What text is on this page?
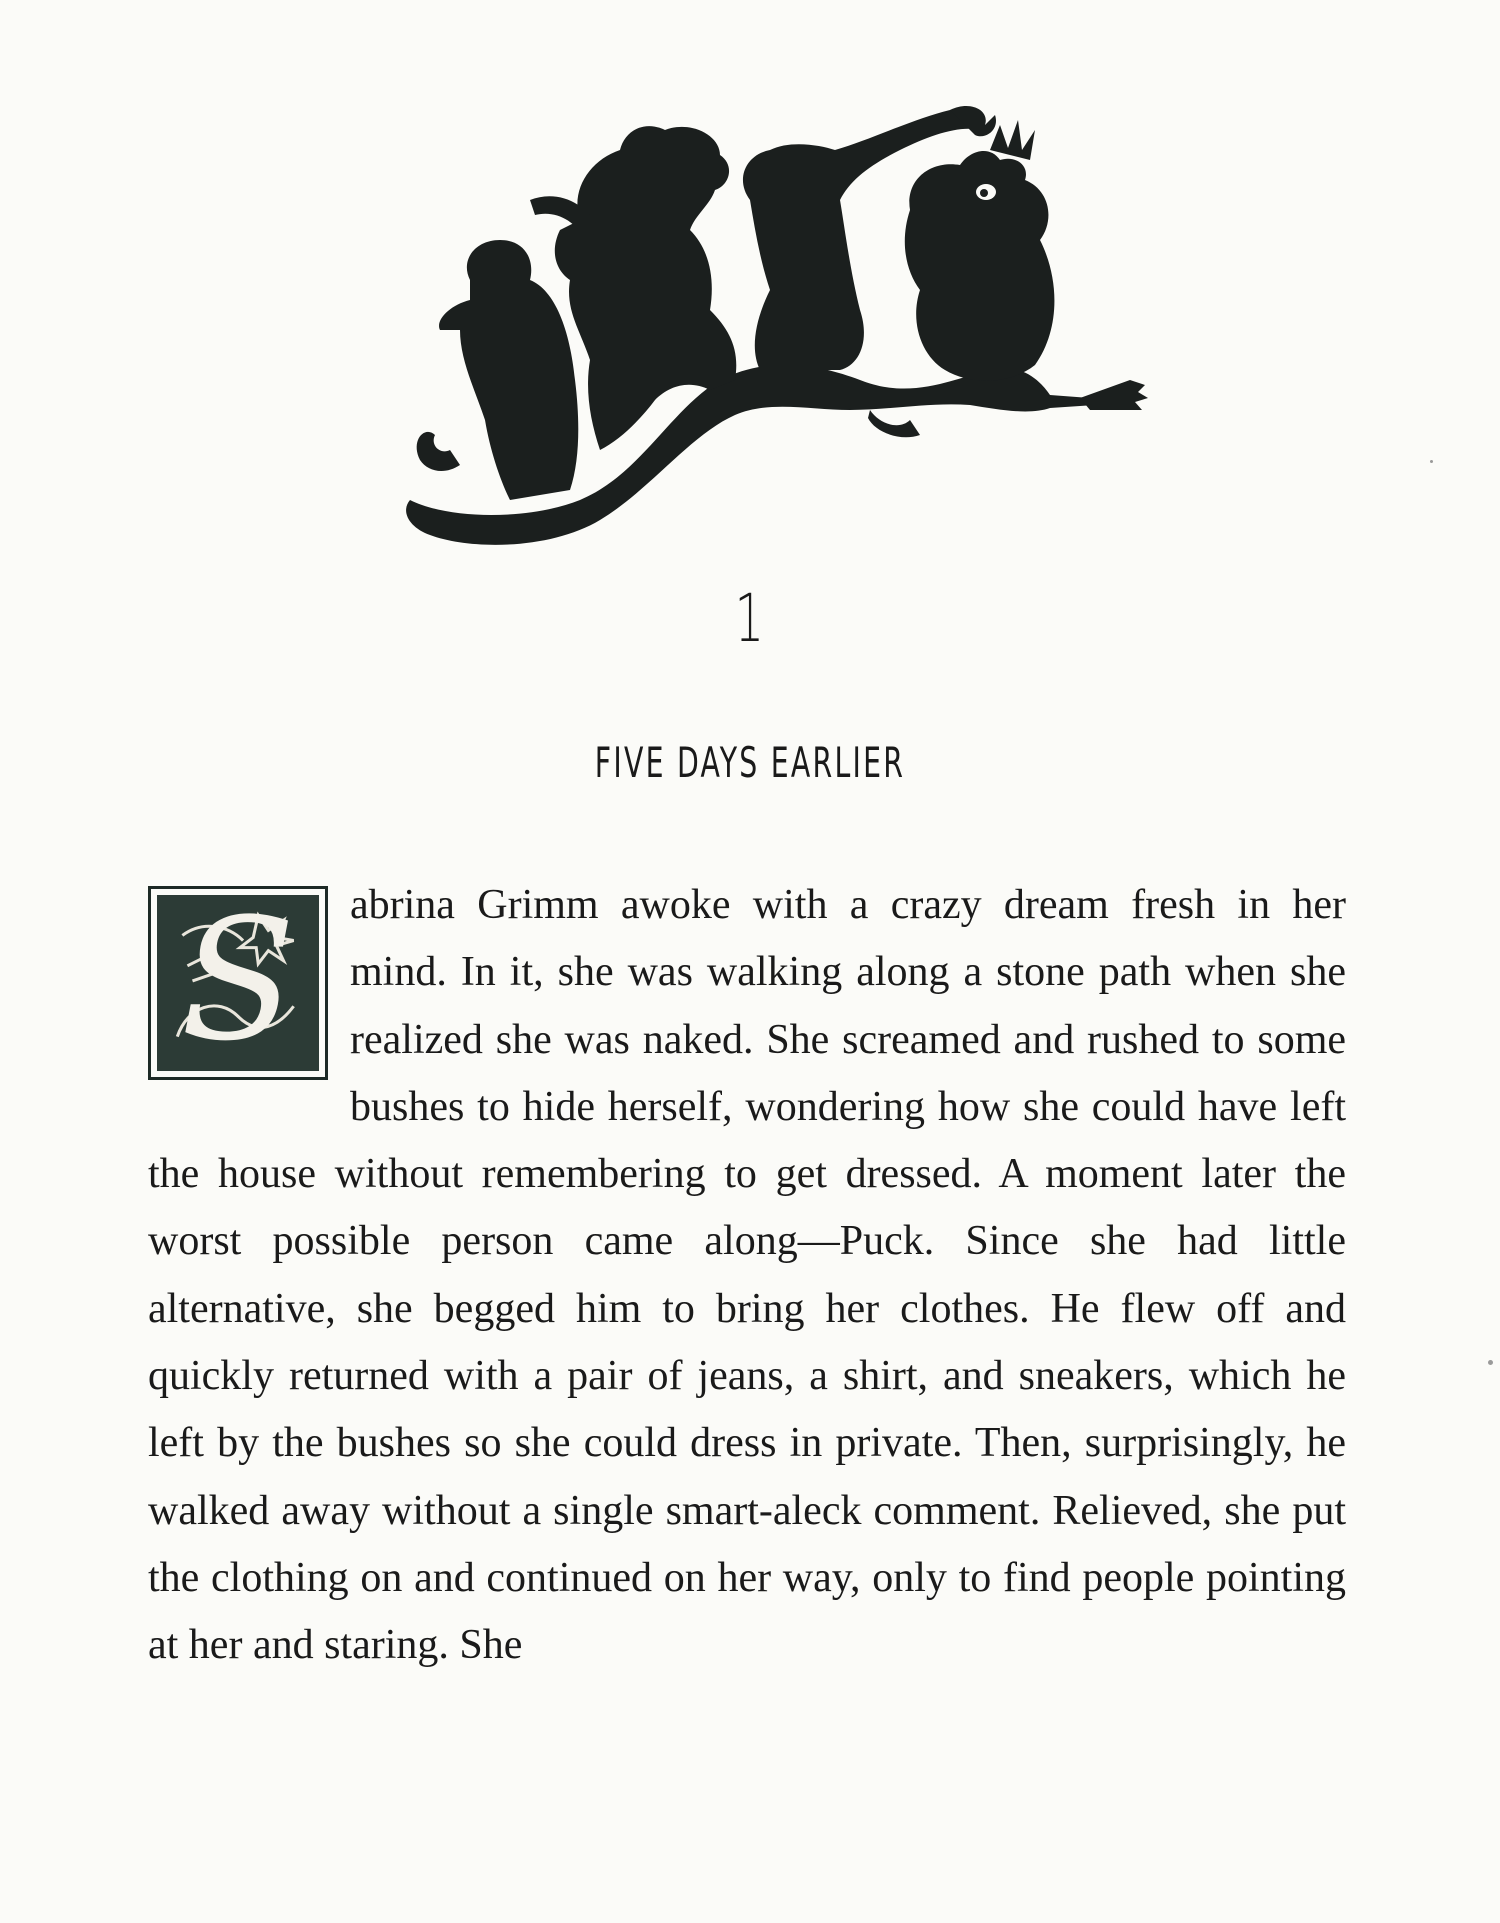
1
FIVE DAYS EARLIER

S	abrina Grimm awoke with a crazy dream fresh in her mind. In it, she was walking along a stone path when she realized she was naked. She screamed and rushed to some bushes to hide herself, wondering how she could have left the house without remembering to get dressed. A moment later the worst possible person came along—Puck. Since she had little alternative, she begged him to bring her clothes. He flew off and quickly returned with a pair of jeans, a shirt, and sneakers, which he left by the bushes so she could dress in private. Then, surprisingly, he walked away without a single smart-aleck comment. Relieved, she put the clothing on and continued on her way, only to find people pointing at her and staring. She
